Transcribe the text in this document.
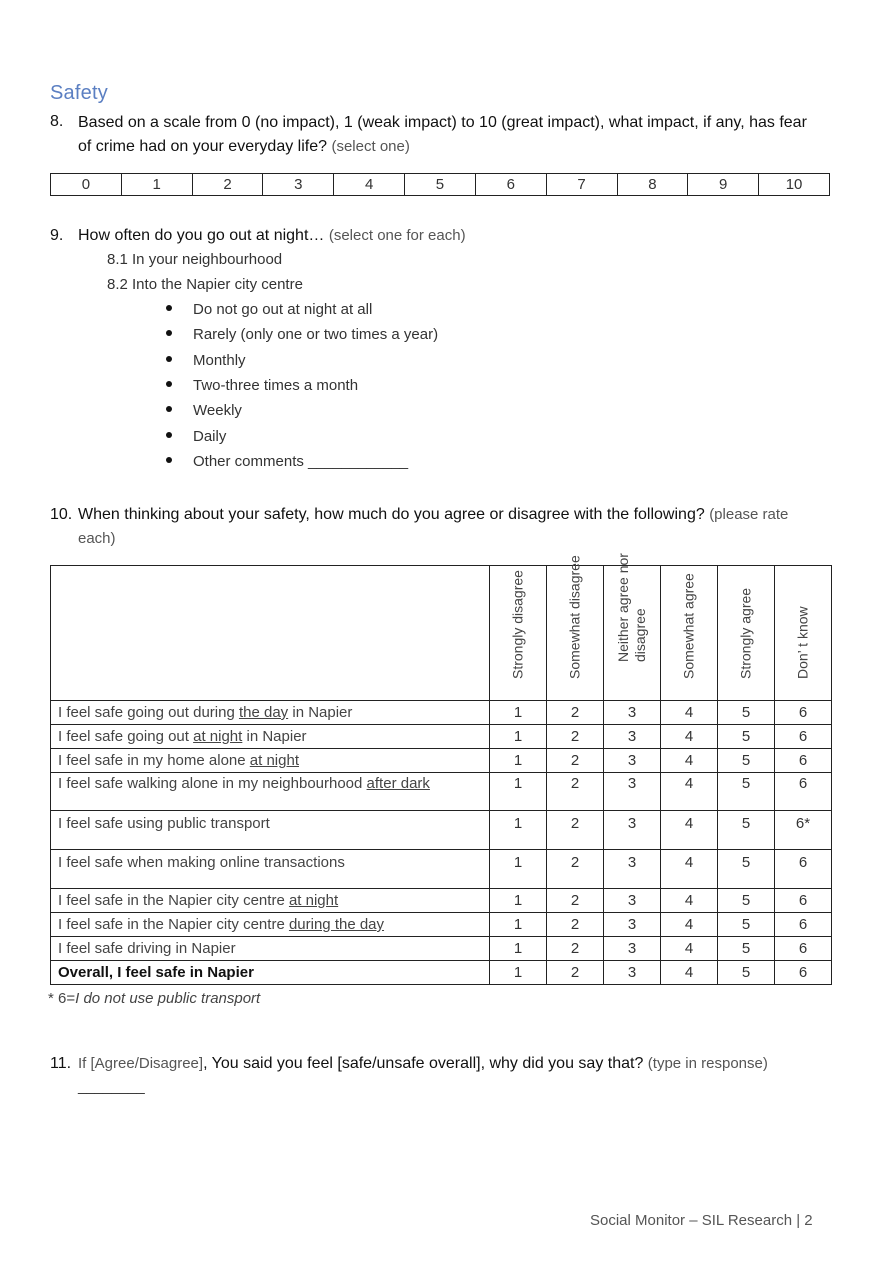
Safety
8. Based on a scale from 0 (no impact), 1 (weak impact) to 10 (great impact), what impact, if any, has fear
of crime had on your everyday life? (select one)
0	1	2	3	4	5	6	7	8	9	10
9. How often do you go out at night… (select one for each)
8.1 In your neighbourhood
8.2 Into the Napier city centre
Do not go out at night at all
Rarely (only one or two times a year)
Monthly
Two-three times a month
Weekly
Daily
Other comments ____________
10. When thinking about your safety, how much do you agree or disagree with the following? (please rate
each)

	Strongly disagree	Somewhat disagree	Neither agree nor disagree	Somewhat agree	Strongly agree	Don’ t know

I feel safe going out during the day in Napier	1	2	3	4	5	6
I feel safe going out at night in Napier	1	2	3	4	5	6
I feel safe in my home alone at night	1	2	3	4	5	6
I feel safe walking alone in my neighbourhood after dark	1	2	3	4	5	6
I feel safe using public transport	1	2	3	4	5	6*
I feel safe when making online transactions	1	2	3	4	5	6
I feel safe in the Napier city centre at night	1	2	3	4	5	6
I feel safe in the Napier city centre during the day	1	2	3	4	5	6
I feel safe driving in Napier	1	2	3	4	5	6
Overall, I feel safe in Napier	1	2	3	4	5	6
* 6=I do not use public transport
11. If [Agree/Disagree], You said you feel [safe/unsafe overall], why did you say that? (type in response)
________
Social Monitor – SIL Research | 2
